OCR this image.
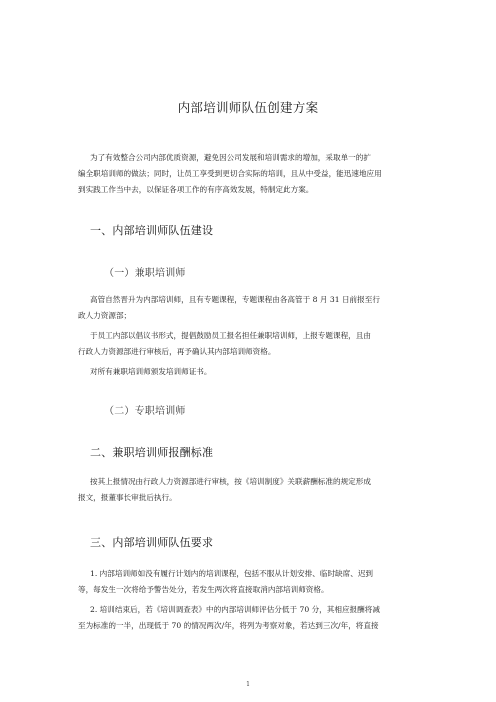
内部培训师队伍创建方案

为了有效整合公司内部优质资源，避免因公司发展和培训需求的增加，采取单一的扩
编全职培训师的做法；同时，让员工享受到更切合实际的培训，且从中受益，能迅速地应用
到实践工作当中去，以保证各项工作的有序高效发展，特制定此方案。

一、内部培训师队伍建设
（一）兼职培训师

高管自然晋升为内部培训师，且有专题课程，专题课程由各高管于 8 月 31 日前报至行
政人力资源部；

于员工内部以倡议书形式，提倡鼓励员工报名担任兼职培训师，上报专题课程，且由
行政人力资源部进行审核后，再予确认其内部培训师资格。

对所有兼职培训师颁发培训师证书。

（二）专职培训师
二、兼职培训师报酬标准

按其上报情况由行政人力资源部进行审核，按《培训制度》关联薪酬标准的规定形成
报文，报董事长审批后执行。

三、内部培训师队伍要求

1. 内部培训师如没有履行计划内的培训课程，包括不服从计划安排、临时缺席、迟到
等，每发生一次将给予警告处分，若发生两次将直接取消内部培训师资格。

2. 培训结束后，若《培训调查表》中的内部培训师评估分低于 70 分，其相应报酬将减
至为标准的一半，出现低于 70 的情况两次/年，将列为考察对象，若达到三次/年，将直接

1
